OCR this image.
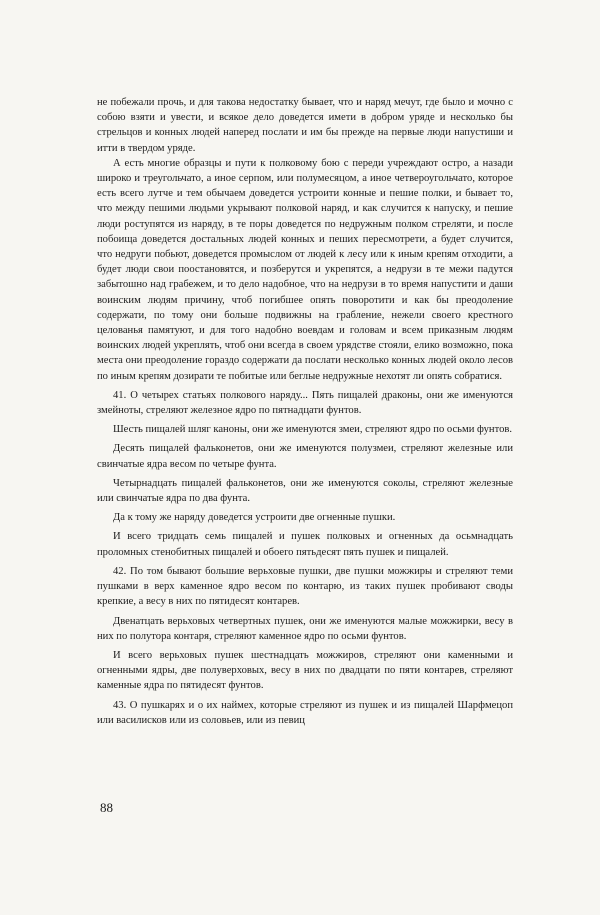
не побежали прочь, и для такова недостатку бывает, что и наряд мечут, где было и мочно с собою взяти и увести, и всякое дело доведется имети в добром уряде и несколько бы стрельцов и конных людей наперед послати и им бы прежде на первые люди напустиши и итти в твердом уряде.

А есть многие образцы и пути к полковому бою с переди учреждают остро, а назади широко и треугольчато, а иное серпом, или полумесяцом, а иное четвероугольчато, которое есть всего лутче и тем обычаем доведется устроити конные и пешие полки, и бывает то, что между пешими людьми укрывают полковой наряд, и как случится к напуску, и пешие люди роступятся из наряду, в те поры доведется по недружным полком стреляти, и после побоища доведется достальных людей конных и пеших пересмотрети, а будет случится, что недруги побьют, доведется промыслом от людей к лесу или к иным крепям отходити, а будет люди свои поостановятся, и позберутся и укрепятся, а недрузи в те межи падутся забытошно над грабежем, и то дело надобное, что на недрузи в то время напустити и даши воинским людям причину, чтоб погибшее опять поворотити и как бы преодоление содержати, по тому они больше подвижны на грабление, нежели своего крестного целованья памятуют, и для того надобно воевдам и головам и всем приказным людям воинских людей укреплять, чтоб они всегда в своем урядстве стояли, елико возможно, пока места они преодоление гораздо содержати да послати несколько конных людей около лесов по иным крепям дозирати те побитые или беглые недружные нехотят ли опять собратися.

41. О четырех статьях полкового наряду... Пять пищалей драконы, они же именуются змейноты, стреляют железное ядро по пятнадцати фунтов.

Шесть пищалей шляг каноны, они же именуются змеи, стреляют ядро по осьми фунтов.

Десять пищалей фальконетов, они же именуются полузмеи, стреляют железные или свинчатые ядра весом по четыре фунта.

Четырнадцать пищалей фальконетов, они же именуются соколы, стреляют железные или свинчатые ядра по два фунта.

Да к тому же наряду доведется устроити две огненные пушки.

И всего тридцать семь пищалей и пушек полковых и огненных да осьмнадцать проломных стенобитных пищалей и обоего пятьдесят пять пушек и пищалей.

42. По том бывают большие верьховые пушки, две пушки можжиры и стреляют теми пушками в верх каменное ядро весом по контарю, из таких пушек пробивают своды крепкие, а весу в них по пятидесят контарев.

Двенатцать верьховых четвертных пушек, они же именуются малые можжирки, весу в них по полутора контаря, стреляют каменное ядро по осьми фунтов.

И всего верьховых пушек шестнадцать можжиров, стреляют они каменными и огненными ядры, две полуверховых, весу в них по двадцати по пяти контарев, стреляют каменные ядра по пятидесят фунтов.

43. О пушкарях и о их наймех, которые стреляют из пушек и из пищалей Шарфмецоп или василисков или из соловьев, или из певиц

88
